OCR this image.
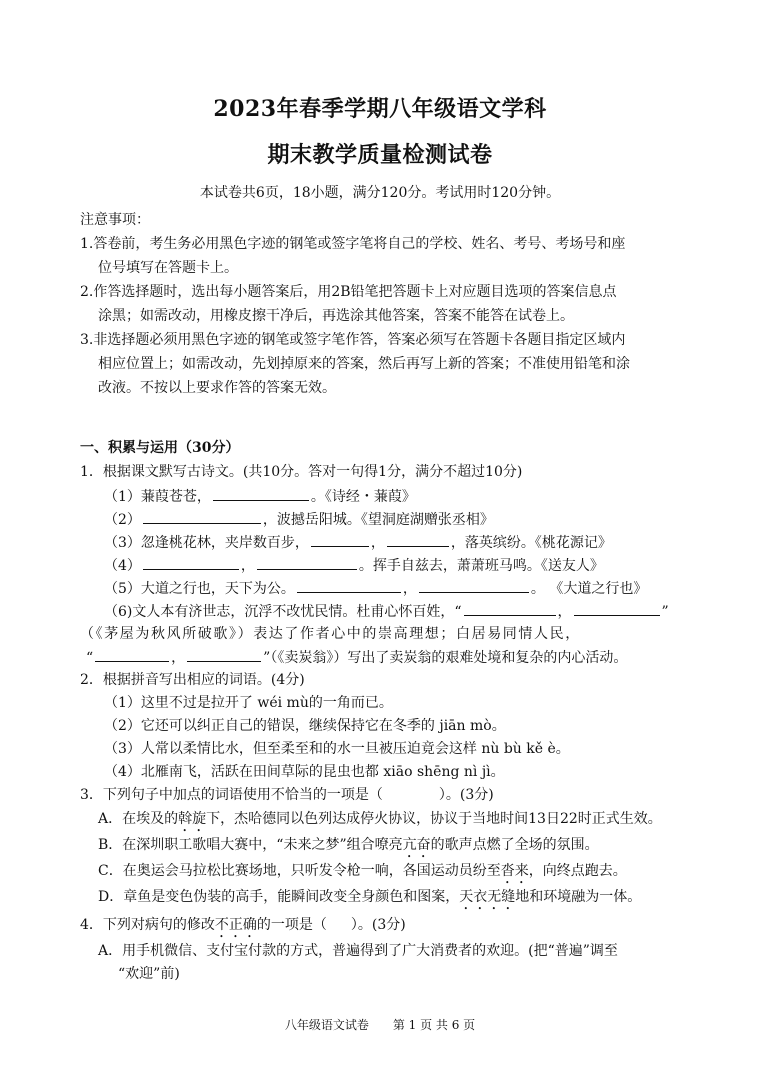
2023年春季学期八年级语文学科
期末教学质量检测试卷
本试卷共6页，18小题，满分120分。考试用时120分钟。
注意事项：
1.答卷前，考生务必用黑色字迹的钢笔或签字笔将自己的学校、姓名、考号、考场号和座
位号填写在答题卡上。
2.作答选择题时，选出每小题答案后，用2B铅笔把答题卡上对应题目选项的答案信息点
涂黑；如需改动，用橡皮擦干净后，再选涂其他答案，答案不能答在试卷上。
3.非选择题必须用黑色字迹的钢笔或签字笔作答，答案必须写在答题卡各题目指定区域内
相应位置上；如需改动，先划掉原来的答案，然后再写上新的答案；不准使用铅笔和涂
改液。不按以上要求作答的答案无效。
一、积累与运用（30分）
1．根据课文默写古诗文。(共10分。答对一句得1分，满分不超过10分)
（1）蒹葭苍苍，	。《诗经・蒹葭》
（2）	，波撼岳阳城。《望洞庭湖赠张丞相》
（3）忽逢桃花林，夹岸数百步，	，	，落英缤纷。《桃花源记》
（4）	，	。挥手自兹去，萧萧班马鸣。《送友人》
（5）大道之行也，天下为公。	，	。 《大道之行也》
（6)文人本有济世志，沉浮不改忧民情。杜甫心怀百姓，“	，	”
（《茅屋为秋风所破歌》）表达了作者心中的崇高理想；白居易同情人民，
“	，	”（《卖炭翁》）写出了卖炭翁的艰难处境和复杂的内心活动。
2．根据拼音写出相应的词语。(4分)
（1）这里不过是拉开了 wéi mù的一角而已。
（2）它还可以纠正自己的错误，继续保持它在冬季的 jiān mò。
（3）人常以柔情比水，但至柔至和的水一旦被压迫竟会这样 nù bù kě è。
（4）北雁南飞，活跃在田间草际的昆虫也都 xiāo shēng nì jì。
3．下列句子中加点的词语使用不恰当的一项是（	）。(3分)
A．在埃及的斡旋下，杰哈德同以色列达成停火协议，协议于当地时间13日22时正式生效。
B．在深圳职工歌唱大赛中，“未来之梦”组合嘹亮亢奋的歌声点燃了全场的氛围。
C．在奥运会马拉松比赛场地，只听发令枪一响，各国运动员纷至沓来，向终点跑去。
D．章鱼是变色伪装的高手，能瞬间改变全身颜色和图案，天衣无缝地和环境融为一体。
4．下列对病句的修改不正确的一项是（ ）。(3分)
A．用手机微信、支付宝付款的方式，普遍得到了广大消费者的欢迎。(把“普遍”调至
“欢迎”前)
八年级语文试卷　　第 1 页 共 6 页
